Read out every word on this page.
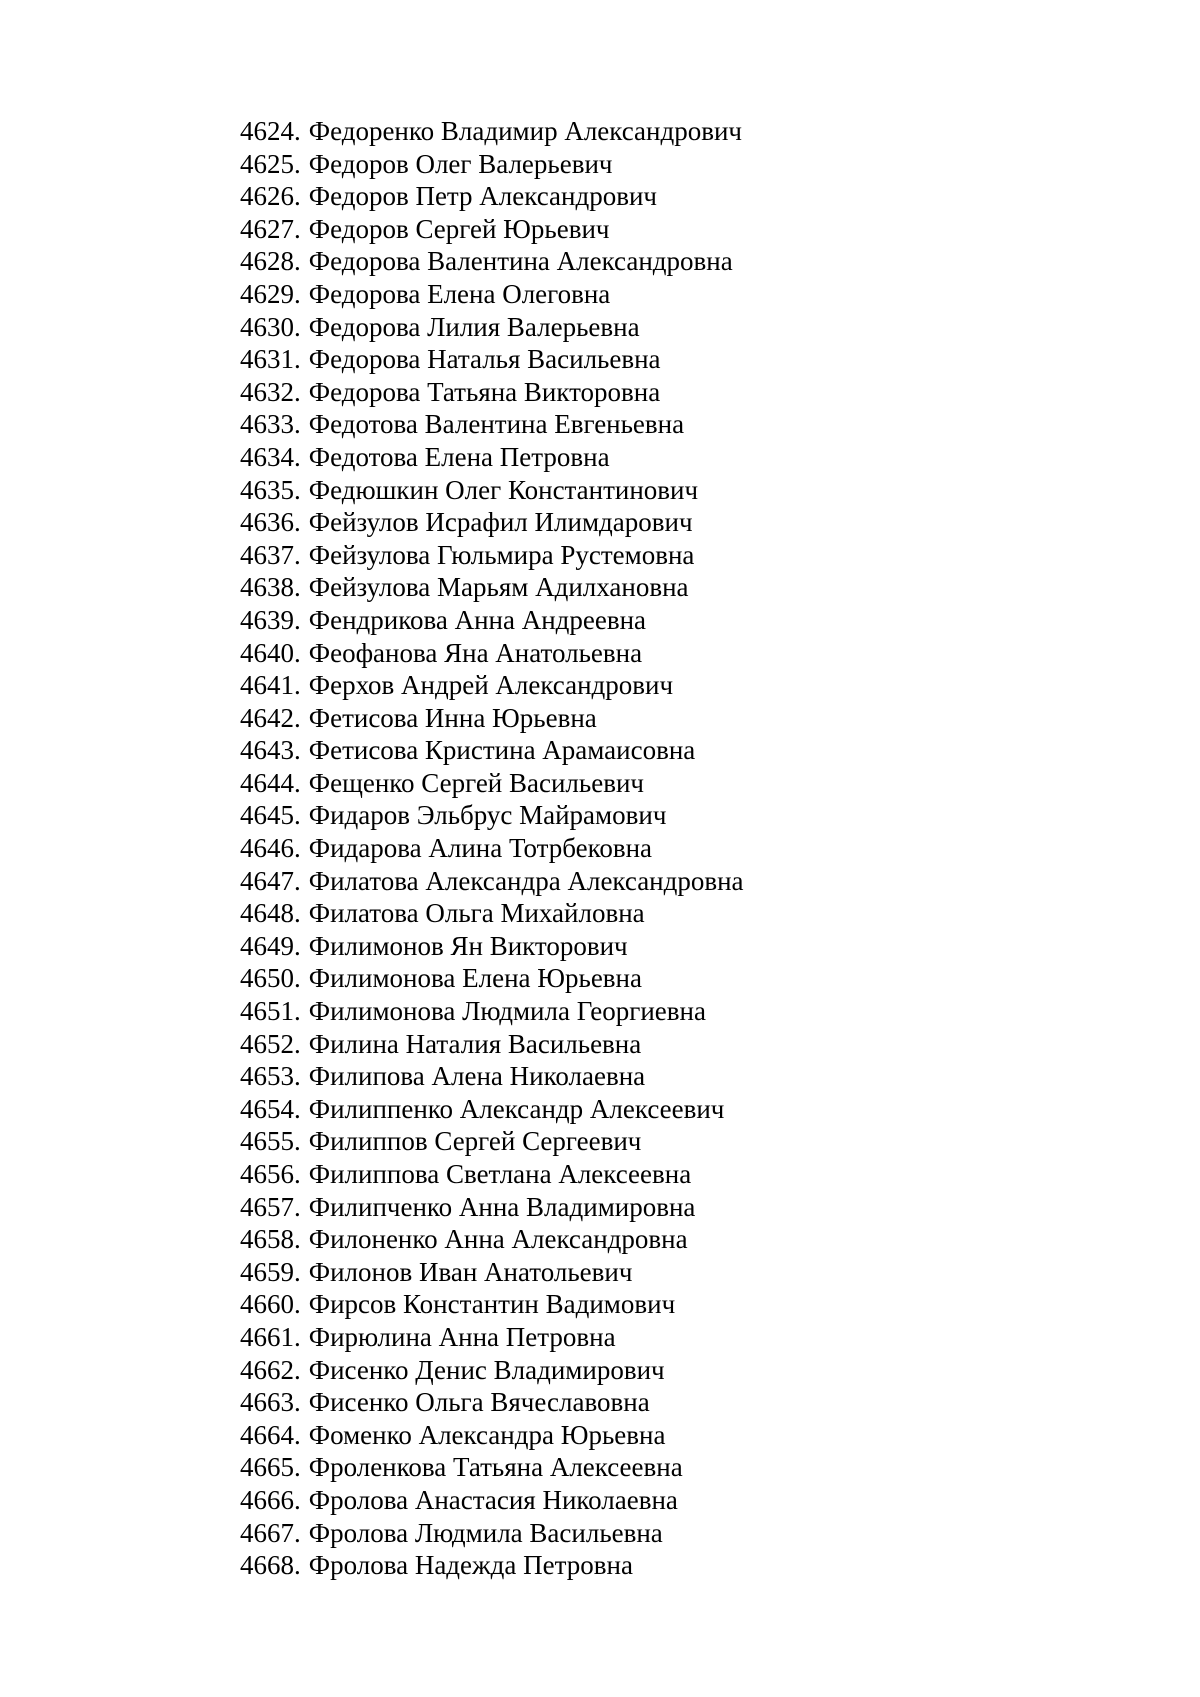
4624. Федоренко Владимир Александрович
4625. Федоров Олег Валерьевич
4626. Федоров Петр Александрович
4627. Федоров Сергей Юрьевич
4628. Федорова Валентина Александровна
4629. Федорова Елена Олеговна
4630. Федорова Лилия Валерьевна
4631. Федорова Наталья Васильевна
4632. Федорова Татьяна Викторовна
4633. Федотова Валентина Евгеньевна
4634. Федотова Елена Петровна
4635. Федюшкин Олег Константинович
4636. Фейзулов Исрафил Илимдарович
4637. Фейзулова Гюльмира Рустемовна
4638. Фейзулова Марьям Адилхановна
4639. Фендрикова Анна Андреевна
4640. Феофанова Яна Анатольевна
4641. Ферхов Андрей Александрович
4642. Фетисова Инна Юрьевна
4643. Фетисова Кристина Арамаисовна
4644. Фещенко Сергей Васильевич
4645. Фидаров Эльбрус Майрамович
4646. Фидарова Алина Тотрбековна
4647. Филатова Александра Александровна
4648. Филатова Ольга Михайловна
4649. Филимонов Ян Викторович
4650. Филимонова Елена Юрьевна
4651. Филимонова Людмила Георгиевна
4652. Филина Наталия Васильевна
4653. Филипова Алена Николаевна
4654. Филиппенко Александр Алексеевич
4655. Филиппов Сергей Сергеевич
4656. Филиппова Светлана Алексеевна
4657. Филипченко Анна Владимировна
4658. Филоненко Анна Александровна
4659. Филонов Иван Анатольевич
4660. Фирсов Константин Вадимович
4661. Фирюлина Анна Петровна
4662. Фисенко Денис Владимирович
4663. Фисенко Ольга Вячеславовна
4664. Фоменко Александра Юрьевна
4665. Фроленкова Татьяна Алексеевна
4666. Фролова Анастасия Николаевна
4667. Фролова Людмила Васильевна
4668. Фролова Надежда Петровна
